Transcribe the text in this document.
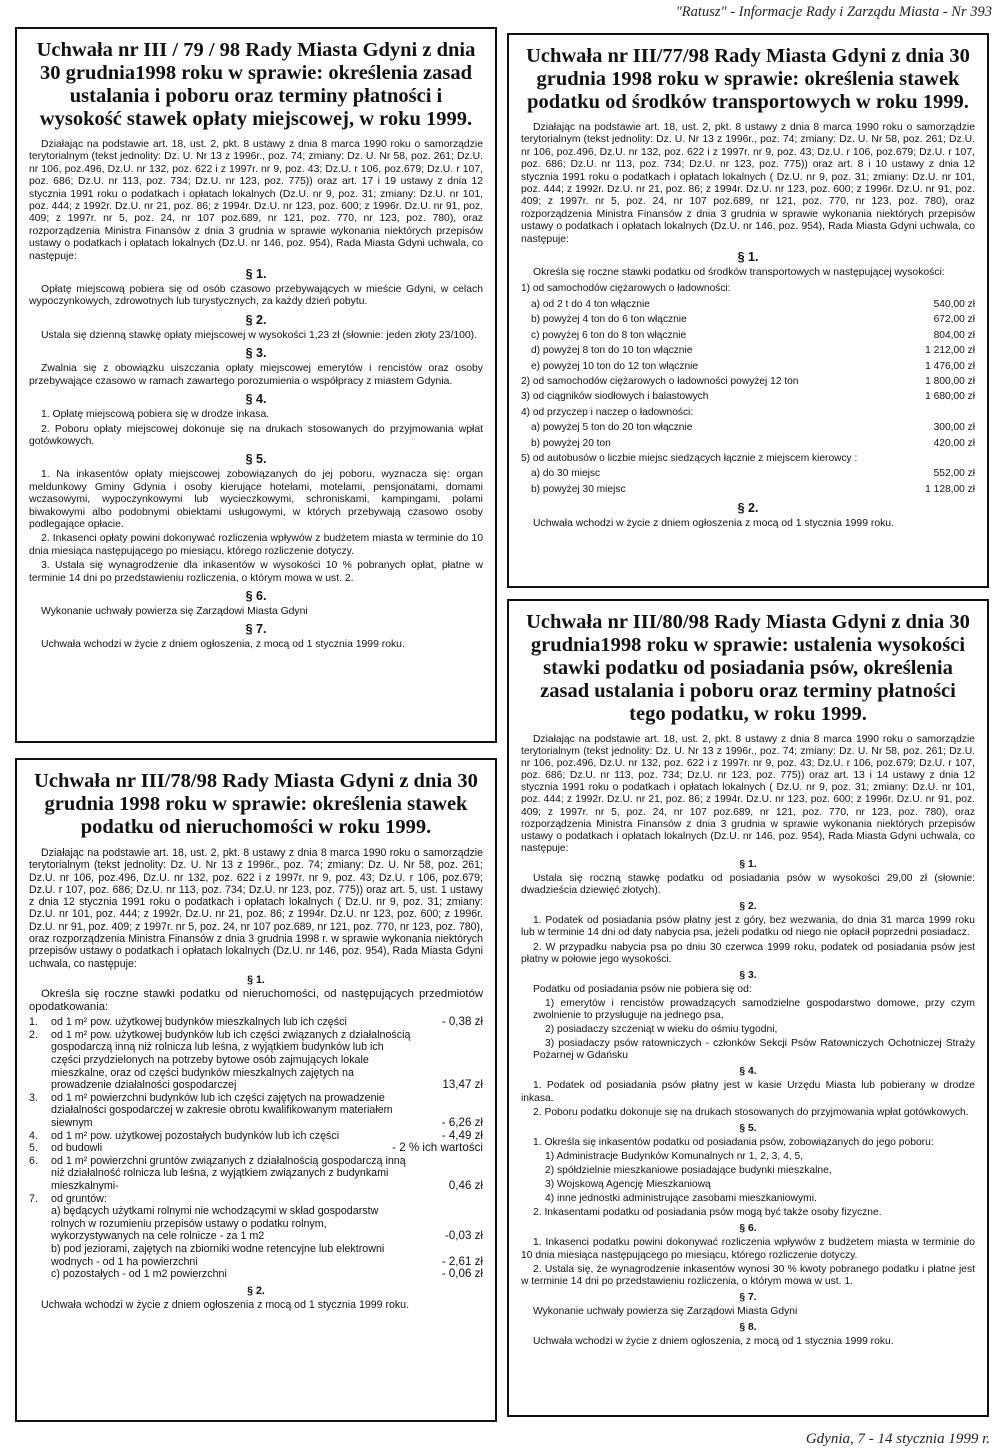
"Ratusz" - Informacje Rady i Zarządu Miasta - Nr 393
Uchwała nr III / 79 / 98 Rady Miasta Gdyni z dnia 30 grudnia1998 roku w sprawie: określenia zasad ustalania i poboru oraz terminy płatności i wysokość stawek opłaty miejscowej, w roku 1999.

Działając na podstawie art. 18, ust. 2, pkt. 8 ustawy z dnia 8 marca 1990 roku o samorządzie terytorialnym (tekst jednolity: Dz. U. Nr 13 z 1996r., poz. 74; zmiany: Dz. U. Nr 58, poz. 261; Dz.U. nr 106, poz.496, Dz.U. nr 132, poz. 622 i z 1997r. nr 9, poz. 43; Dz.U. r 106, poz.679; Dz.U. r 107, poz. 686; Dz.U. nr 113, poz. 734; Dz.U. nr 123, poz. 775)) oraz art. 17 i 19 ustawy z dnia 12 stycznia 1991 roku o podatkach i opłatach lokalnych (Dz.U. nr 9, poz. 31; zmiany: Dz.U. nr 101, poz. 444; z 1992r. Dz.U. nr 21, poz. 86; z 1994r. Dz.U. nr 123, poz. 600; z 1996r. Dz.U. nr 91, poz. 409; z 1997r. nr 5, poz. 24, nr 107 poz.689, nr 121, poz. 770, nr 123, poz. 780), oraz rozporządzenia Ministra Finansów z dnia 3 grudnia w sprawie wykonania niektórych przepisów ustawy o podatkach i opłatach lokalnych (Dz.U. nr 146, poz. 954), Rada Miasta Gdyni uchwala, co następuje:

§ 1.

Opłatę miejscową pobiera się od osób czasowo przebywających w mieście Gdyni, w celach wypoczynkowych, zdrowotnych lub turystycznych, za każdy dzień pobytu.

§ 2.

Ustala się dzienną stawkę opłaty miejscowej w wysokości 1,23 zł (słownie: jeden złoty 23/100).

§ 3.

Zwalnia się z obowiązku uiszczania opłaty miejscowej emerytów i rencistów oraz osoby przebywające czasowo w ramach zawartego porozumienia o współpracy z miastem Gdynia.

§ 4.

1. Opłatę miejscową pobiera się w drodze inkasa.

2. Poboru opłaty miejscowej dokonuje się na drukach stosowanych do przyjmowania wpłat gotówkowych.

§ 5.

1. Na inkasentów opłaty miejscowej zobowiązanych do jej poboru, wyznacza się: organ meldunkowy Gminy Gdynia i osoby kierujące hotelami, motelami, pensjonatami, domami wczasowymi, wypoczynkowymi lub wycieczkowymi, schroniskami, kampingami, polami biwakowymi albo podobnymi obiektami usługowymi, w których przebywają czasowo osoby podlegające opłacie.

2. Inkasenci opłaty powini dokonywać rozliczenia wpływów z budżetem miasta w terminie do 10 dnia miesiąca następującego po miesiącu, którego rozliczenie dotyczy.

3. Ustala się wynagrodzenie dla inkasentów w wysokości 10 % pobranych opłat, płatne w terminie 14 dni po przedstawieniu rozliczenia, o którym mowa w ust. 2.

§ 6.

Wykonanie uchwały powierza się Zarządowi Miasta Gdyni

§ 7.

Uchwała wchodzi w życie z dniem ogłoszenia, z mocą od 1 stycznia 1999 roku.

Uchwała nr III/77/98 Rady Miasta Gdyni z dnia 30 grudnia 1998 roku w sprawie: określenia stawek podatku od środków transportowych w roku 1999.

Działając na podstawie art. 18, ust. 2, pkt. 8 ustawy z dnia 8 marca 1990 roku o samorządzie terytorialnym (tekst jednolity: Dz. U. Nr 13 z 1996r., poz. 74; zmiany: Dz. U. Nr 58, poz. 261; Dz.U. nr 106, poz.496, Dz.U. nr 132, poz. 622 i z 1997r. nr 9, poz. 43; Dz.U. r 106, poz.679; Dz.U. r 107, poz. 686; Dz.U. nr 113, poz. 734; Dz.U. nr 123, poz. 775)) oraz art. 8 i 10 ustawy z dnia 12 stycznia 1991 roku o podatkach i opłatach lokalnych ( Dz.U. nr 9, poz. 31; zmiany: Dz.U. nr 101, poz. 444; z 1992r. Dz.U. nr 21, poz. 86; z 1994r. Dz.U. nr 123, poz. 600; z 1996r. Dz.U. nr 91, poz. 409; z 1997r. nr 5, poz. 24, nr 107 poz.689, nr 121, poz. 770, nr 123, poz. 780), oraz rozporządzenia Ministra Finansów z dnia 3 grudnia w sprawie wykonania niektórych przepisów ustawy o podatkach i opłatach lokalnych (Dz.U. nr 146, poz. 954), Rada Miasta Gdyni uchwala, co następuje:

§ 1.

Określa się roczne stawki podatku od środków transportowych w następującej wysokości:

1) od samochodów ciężarowych o ładowności:
a) od 2 t do 4 ton włącznie	540,00 zł
b) powyżej 4 ton do 6 ton włącznie	672,00 zł
c) powyżej 6 ton do 8 ton włącznie	804,00 zł
d) powyżej 8 ton do 10 ton włącznie	1 212,00 zł
e) powyżej 10 ton do 12 ton włącznie	1 476,00 zł
2) od samochodów ciężarowych o ładowności powyżej 12 ton	1 800,00 zł
3) od ciągników siodłowych i balastowych	1 680,00 zł
4) od przyczep i naczep o ładowności:
a) powyżej 5 ton do 20 ton włącznie	300,00 zł
b) powyżej 20 ton	420,00 zł
5) od autobusów o liczbie miejsc siedzących łącznie z miejscem kierowcy :
a) do 30 miejsc	552,00 zł
b) powyżej 30 miejsc	1 128,00 zł

§ 2.

Uchwała wchodzi w życie z dniem ogłoszenia z mocą od 1 stycznia 1999 roku.

Uchwała nr III/78/98 Rady Miasta Gdyni z dnia 30 grudnia 1998 roku w sprawie: określenia stawek podatku od nieruchomości w roku 1999.

Działając na podstawie art. 18, ust. 2, pkt. 8 ustawy z dnia 8 marca 1990 roku o samorządzie terytorialnym (tekst jednolity: Dz. U. Nr 13 z 1996r., poz. 74; zmiany: Dz. U. Nr 58, poz. 261; Dz.U. nr 106, poz.496, Dz.U. nr 132, poz. 622 i z 1997r. nr 9, poz. 43; Dz.U. r 106, poz.679; Dz.U. r 107, poz. 686; Dz.U. nr 113, poz. 734; Dz.U. nr 123, poz. 775)) oraz art. 5, ust. 1 ustawy z dnia 12 stycznia 1991 roku o podatkach i opłatach lokalnych ( Dz.U. nr 9, poz. 31; zmiany: Dz.U. nr 101, poz. 444; z 1992r. Dz.U. nr 21, poz. 86; z 1994r. Dz.U. nr 123, poz. 600; z 1996r. Dz.U. nr 91, poz. 409; z 1997r. nr 5, poz. 24, nr 107 poz.689, nr 121, poz. 770, nr 123, poz. 780), oraz rozporządzenia Ministra Finansów z dnia 3 grudnia 1998 r. w sprawie wykonania niektórych przepisów ustawy o podatkach i opłatach lokalnych (Dz.U. nr 146, poz. 954), Rada Miasta Gdyni uchwala, co następuje:

§ 1.

Określa się roczne stawki podatku od nieruchomości, od następujących przedmiotów opodatkowania:

1.	od 1 m² pow. użytkowej budynków mieszkalnych lub ich części	- 0,38 zł
2.	od 1 m² pow. użytkowej budynków lub ich części związanych z działalnością gospodarczą inną niż rolnicza lub leśna, z wyjątkiem budynków lub ich części przydzielonych na potrzeby bytowe osób zajmujących lokale mieszkalne, oraz od części budynków mieszkalnych zajętych na prowadzenie działalności gospodarczej	13,47 zł
3.	od 1 m² powierzchni budynków lub ich części zajętych na prowadzenie działalności gospodarczej w zakresie obrotu kwalifikowanym materiałem siewnym	- 6,26 zł
4.	od 1 m² pow. użytkowej pozostałych budynków lub ich części	- 4,49 zł
5.	od budowli	- 2 % ich wartości
6.	od 1 m² powierzchni gruntów związanych z działalnością gospodarczą inną niż działalność rolnicza lub leśna, z wyjątkiem związanych z budynkami mieszkalnymi-	0,46 zł
7.	od gruntów:
a) będących użytkami rolnymi nie wchodzącymi w skład gospodarstw rolnych w rozumieniu przepisów ustawy o podatku rolnym, wykorzystywanych na cele rolnicze - za 1 m2	-0,03 zł
b) pod jeziorami, zajętych na zbiorniki wodne retencyjne lub elektrowni wodnych - od 1 ha powierzchni	- 2,61 zł
c) pozostałych - od 1 m2 powierzchni	- 0,06 zł

§ 2.

Uchwała wchodzi w życie z dniem ogłoszenia z mocą od 1 stycznia 1999 roku.

Uchwała nr III/80/98 Rady Miasta Gdyni z dnia 30 grudnia1998 roku w sprawie: ustalenia wysokości stawki podatku od posiadania psów, określenia zasad ustalania i poboru oraz terminy płatności tego podatku, w roku 1999.

Działając na podstawie art. 18, ust. 2, pkt. 8 ustawy z dnia 8 marca 1990 roku o samorządzie terytorialnym (tekst jednolity: Dz. U. Nr 13 z 1996r., poz. 74; zmiany: Dz. U. Nr 58, poz. 261; Dz.U. nr 106, poz.496, Dz.U. nr 132, poz. 622 i z 1997r. nr 9, poz. 43; Dz.U. r 106, poz.679; Dz.U. r 107, poz. 686; Dz.U. nr 113, poz. 734; Dz.U. nr 123, poz. 775)) oraz art. 13 i 14 ustawy z dnia 12 stycznia 1991 roku o podatkach i opłatach lokalnych ( Dz.U. nr 9, poz. 31; zmiany: Dz.U. nr 101, poz. 444; z 1992r. Dz.U. nr 21, poz. 86; z 1994r. Dz.U. nr 123, poz. 600; z 1996r. Dz.U. nr 91, poz. 409; z 1997r. nr 5, poz. 24, nr 107 poz.689, nr 121, poz. 770, nr 123, poz. 780), oraz rozporządzenia Ministra Finansów z dnia 3 grudnia w sprawie wykonania niektórych przepisów ustawy o podatkach i opłatach lokalnych (Dz.U. nr 146, poz. 954), Rada Miasta Gdyni uchwala, co następuje:

§ 1.

Ustala się roczną stawkę podatku od posiadania psów w wysokości 29,00 zł (słownie: dwadzieścia dziewięć złotych).

§ 2.

1. Podatek od posiadania psów płatny jest z góry, bez wezwania, do dnia 31 marca 1999 roku lub w terminie 14 dni od daty nabycia psa, jeżeli podatku od niego nie opłacił poprzedni posiadacz.

2. W przypadku nabycia psa po dniu 30 czerwca 1999 roku, podatek od posiadania psów jest płatny w połowie jego wysokości.

§ 3.

Podatku od posiadania psów nie pobiera się od:

1) emerytów i rencistów prowadzących samodzielne gospodarstwo domowe, przy czym zwolnienie to przysługuje na jednego psa,

2) posiadaczy szczeniąt w wieku do ośmiu tygodni,

3) posiadaczy psów ratowniczych - członków Sekcji Psów Ratowniczych Ochotniczej Straży Pożarnej w Gdańsku

§ 4.

1. Podatek od posiadania psów płatny jest w kasie Urzędu Miasta lub pobierany w drodze inkasa.

2. Poboru podatku dokonuje się na drukach stosowanych do przyjmowania wpłat gotówkowych.

§ 5.

1. Określa się inkasentów podatku od posiadania psów, zobowiązanych do jego poboru:

1) Administracje Budynków Komunalnych nr 1, 2, 3, 4, 5,

2) spółdzielnie mieszkaniowe posiadające budynki mieszkalne,

3) Wojskową Agencję Mieszkaniową

4) inne jednostki administrujące zasobami mieszkaniowymi.

2. Inkasentami podatku od posiadania psów mogą być także osoby fizyczne.

§ 6.

1. Inkasenci podatku powini dokonywać rozliczenia wpływów z budżetem miasta w terminie do 10 dnia miesiąca następującego po miesiącu, którego rozliczenie dotyczy.

2. Ustala się, że wynagrodzenie inkasentów wynosi 30 % kwoty pobranego podatku i płatne jest w terminie 14 dni po przedstawieniu rozliczenia, o którym mowa w ust. 1.

§ 7.

Wykonanie uchwały powierza się Zarządowi Miasta Gdyni

§ 8.

Uchwała wchodzi w życie z dniem ogłoszenia, z mocą od 1 stycznia 1999 roku.

Gdynia, 7 - 14 stycznia 1999 r.
